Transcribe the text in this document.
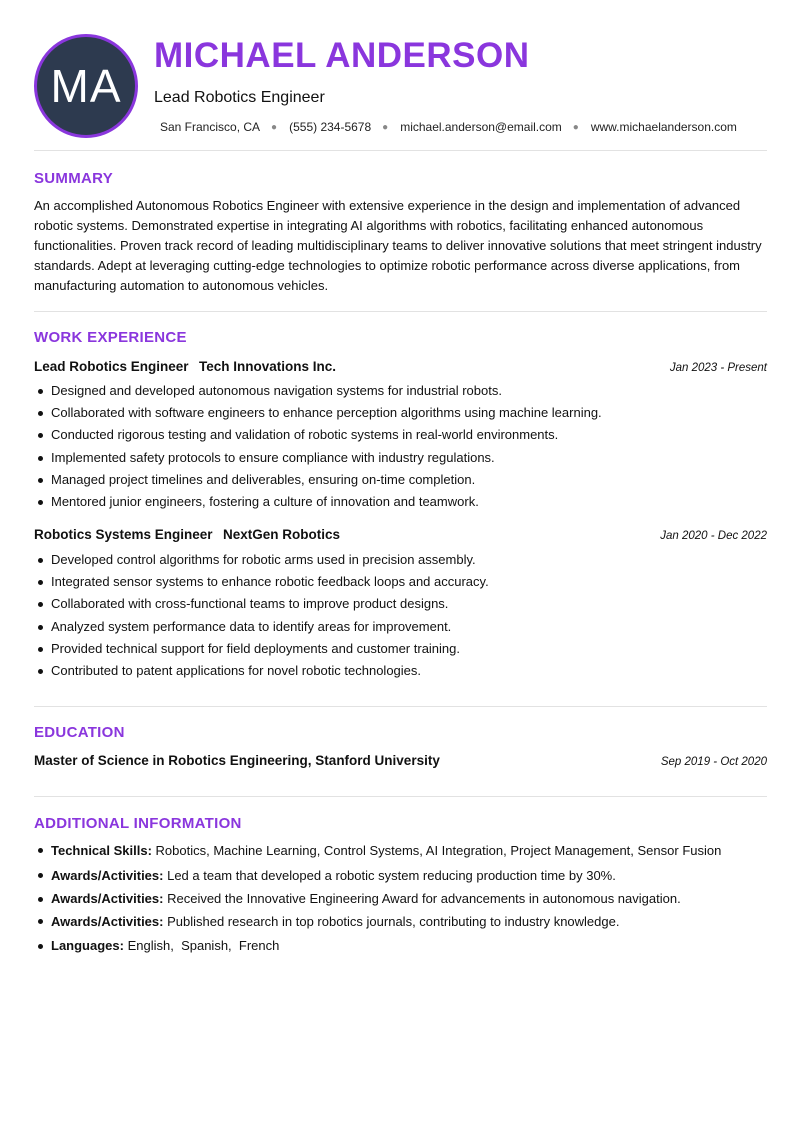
MA
MICHAEL ANDERSON
Lead Robotics Engineer
San Francisco, CA ● (555) 234-5678 ● michael.anderson@email.com ● www.michaelanderson.com
SUMMARY

An accomplished Autonomous Robotics Engineer with extensive experience in the design and implementation of advanced robotic systems. Demonstrated expertise in integrating AI algorithms with robotics, facilitating enhanced autonomous functionalities. Proven track record of leading multidisciplinary teams to deliver innovative solutions that meet stringent industry standards. Adept at leveraging cutting-edge technologies to optimize robotic performance across diverse applications, from manufacturing automation to autonomous vehicles.

WORK EXPERIENCE
Lead Robotics Engineer Tech Innovations Inc.	Jan 2023 - Present
Designed and developed autonomous navigation systems for industrial robots.
Collaborated with software engineers to enhance perception algorithms using machine learning.
Conducted rigorous testing and validation of robotic systems in real-world environments.
Implemented safety protocols to ensure compliance with industry regulations.
Managed project timelines and deliverables, ensuring on-time completion.
Mentored junior engineers, fostering a culture of innovation and teamwork.
Robotics Systems Engineer NextGen Robotics	Jan 2020 - Dec 2022
Developed control algorithms for robotic arms used in precision assembly.
Integrated sensor systems to enhance robotic feedback loops and accuracy.
Collaborated with cross-functional teams to improve product designs.
Analyzed system performance data to identify areas for improvement.
Provided technical support for field deployments and customer training.
Contributed to patent applications for novel robotic technologies.
EDUCATION
Master of Science in Robotics Engineering, Stanford University	Sep 2019 - Oct 2020
ADDITIONAL INFORMATION
Technical Skills: Robotics, Machine Learning, Control Systems, AI Integration, Project Management, Sensor Fusion
Awards/Activities: Led a team that developed a robotic system reducing production time by 30%.
Awards/Activities: Received the Innovative Engineering Award for advancements in autonomous navigation.
Awards/Activities: Published research in top robotics journals, contributing to industry knowledge.
Languages: English,  Spanish,  French
